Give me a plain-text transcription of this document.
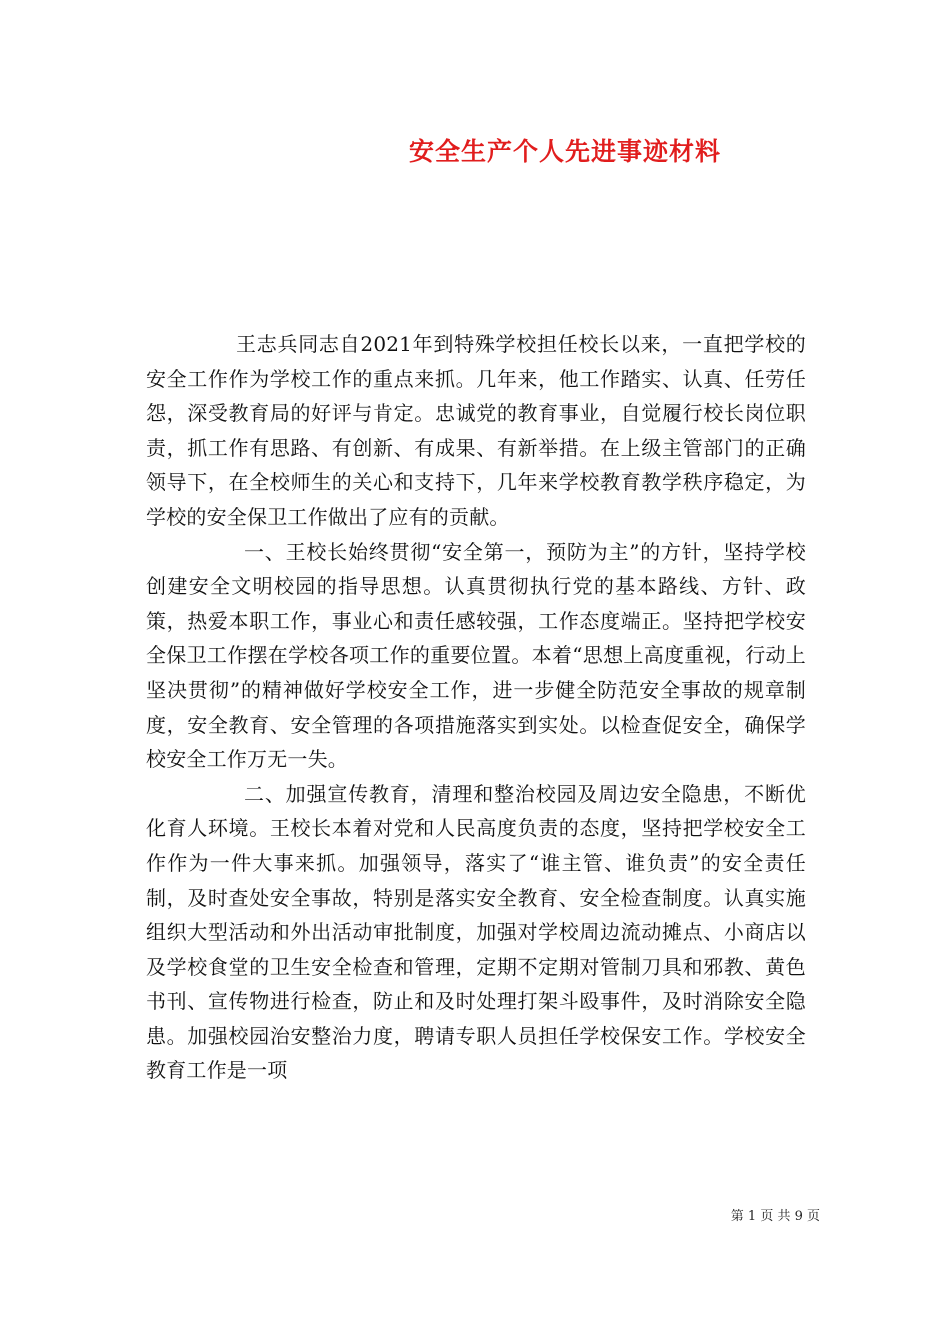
安全生产个人先进事迹材料

王志兵同志自2021年到特殊学校担任校长以来，一直把学校的安全工作作为学校工作的重点来抓。几年来，他工作踏实、认真、任劳任怨，深受教育局的好评与肯定。忠诚党的教育事业，自觉履行校长岗位职责，抓工作有思路、有创新、有成果、有新举措。在上级主管部门的正确领导下，在全校师生的关心和支持下，几年来学校教育教学秩序稳定，为学校的安全保卫工作做出了应有的贡献。

一、王校长始终贯彻“安全第一，预防为主”的方针，坚持学校创建安全文明校园的指导思想。认真贯彻执行党的基本路线、方针、政策，热爱本职工作，事业心和责任感较强，工作态度端正。坚持把学校安全保卫工作摆在学校各项工作的重要位置。本着“思想上高度重视，行动上坚决贯彻”的精神做好学校安全工作，进一步健全防范安全事故的规章制度，安全教育、安全管理的各项措施落实到实处。以检查促安全，确保学校安全工作万无一失。

二、加强宣传教育，清理和整治校园及周边安全隐患，不断优化育人环境。王校长本着对党和人民高度负责的态度，坚持把学校安全工作作为一件大事来抓。加强领导，落实了“谁主管、谁负责”的安全责任制，及时查处安全事故，特别是落实安全教育、安全检查制度。认真实施组织大型活动和外出活动审批制度，加强对学校周边流动摊点、小商店以及学校食堂的卫生安全检查和管理，定期不定期对管制刀具和邪教、黄色书刊、宣传物进行检查，防止和及时处理打架斗殴事件，及时消除安全隐患。加强校园治安整治力度，聘请专职人员担任学校保安工作。学校安全教育工作是一项

第 1 页 共 9 页
